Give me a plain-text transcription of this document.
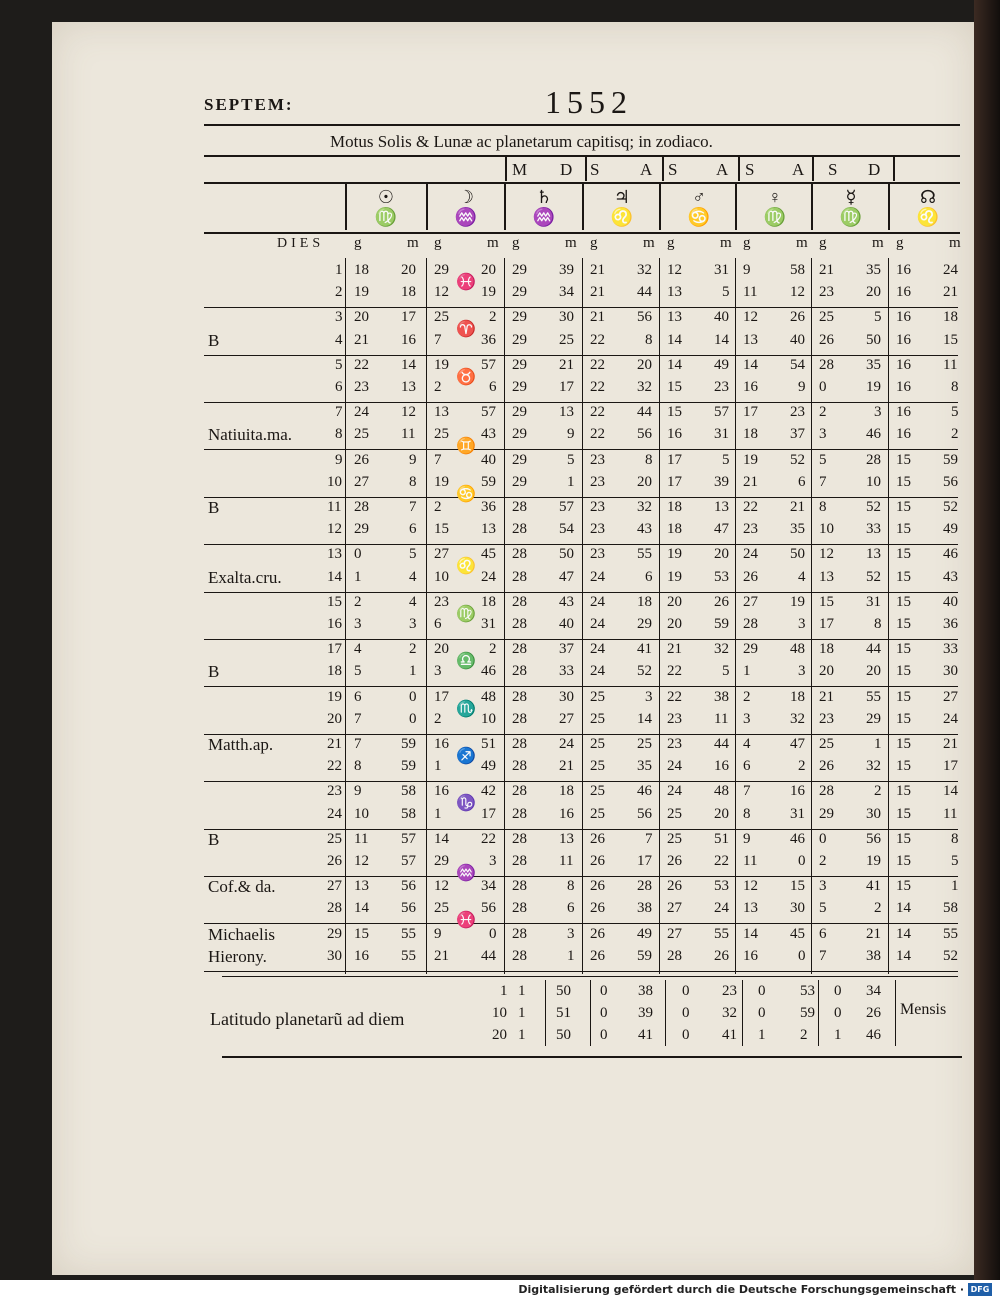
SEPTEM:	1552
Motus Solis & Lunæ ac planetarum capitisq; in zodiaco.
Digitalisierung gefördert durch die Deutsche Forschungsgemeinschaft · DFG
M D S A S A S A S D
☉
♍
☽
♒
♄
♒
♃
♌
♂
♋
♀
♍
☿
♍
☊
♌
DIES g	m g	m g	m g	m g	m g	m g	m g	m
1 18 20 29 20 29 39 21 32 12 31 9	58 21 35 16 24
2 19 18 12 19 29 34 21 44 13	5 11 12 23 20 16 21
3 20 17 25	2 29 30 21 56 13 40 12 26 25	5 16 18
4 21 16 7	36 29 25 22	8 14 14 13 40 26 50 16 15
5 22 14 19 57 29 21 22 20 14 49 14 54 28 35 16 11
6 23 13 2	6 29 17 22 32 15 23 16	9 0	19 16	8
7 24 12 13 57 29 13 22 44 15 57 17 23 2	3 16	5
8 25 11 25 43 29	9 22 56 16 31 18 37 3	46 16	2
9 26	9 7	40 29	5 23	8 17	5 19 52 5	28 15 59
10 27	8 19 59 29	1 23 20 17 39 21	6 7	10 15 56
11 28	7 2	36 28 57 23 32 18 13 22 21 8	52 15 52
12 29	6 15 13 28 54 23 43 18 47 23 35 10 33 15 49
13 0	5 27 45 28 50 23 55 19 20 24 50 12 13 15 46
14 1	4 10 24 28 47 24	6 19 53 26	4 13 52 15 43
15 2	4 23 18 28 43 24 18 20 26 27 19 15 31 15 40
16 3	3 6	31 28 40 24 29 20 59 28	3 17	8 15 36
17 4	2 20	2 28 37 24 41 21 32 29 48 18 44 15 33
18 5	1 3	46 28 33 24 52 22	5 1	3 20 20 15 30
19 6	0 17 48 28 30 25	3 22 38 2	18 21 55 15 27
20 7	0 2	10 28 27 25 14 23 11 3	32 23 29 15 24
21 7	59 16 51 28 24 25 25 23 44 4	47 25	1 15 21
22 8	59 1	49 28 21 25 35 24 16 6	2 26 32 15 17
23 9	58 16 42 28 18 25 46 24 48 7	16 28	2 15 14
24 10 58 1	17 28 16 25 56 25 20 8	31 29 30 15 11
25 11 57 14 22 28 13 26	7 25 51 9	46 0	56 15	8
26 12 57 29	3 28 11 26 17 26 22 11	0 2	19 15	5
27 13 56 12 34 28	8 26 28 26 53 12 15 3	41 15	1
28 14 56 25 56 28	6 26 38 27 24 13 30 5	2 14 58
29 15 55 9	0 28	3 26 49 27 55 14 45 6	21 14 55
30 16 55 21 44 28	1 26 59 28 26 16	0 7	38 14 52
♓
♈
♉
♊
♋
♌
♍
♎
♏
♐
♑
♒
♓
B
Natiuita.ma.
B
Exalta.cru.
B
Matth.ap.
B
Cof.& da.
Michaelis
Hierony.
Latitudo planetarũ ad diem	Mensis
1 1 50 0 38 0 23 0 53 0 34
10 1 51 0 39 0 32 0 59 0 26
20 1 50 0 41 0 41 1 2 1 46
